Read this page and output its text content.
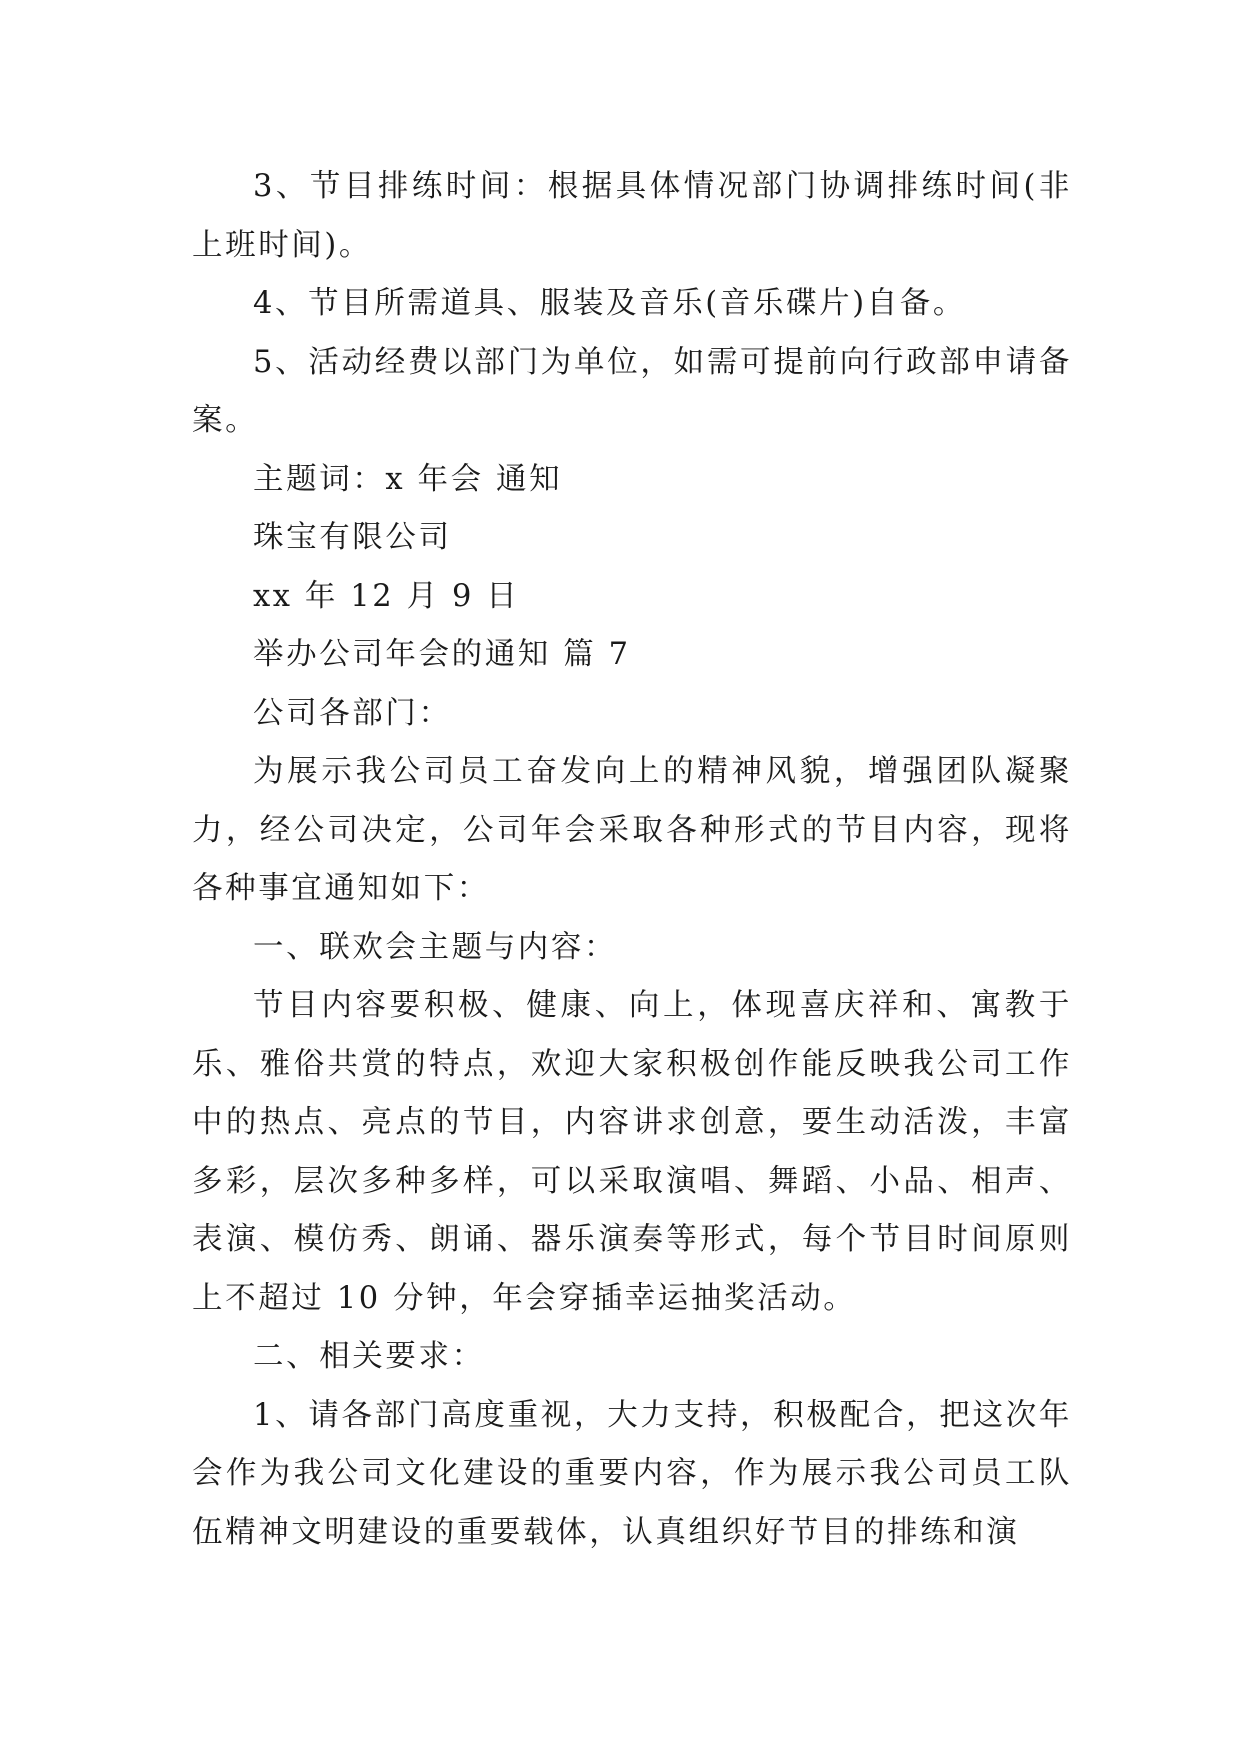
3、节目排练时间：根据具体情况部门协调排练时间(非上班时间)。

4、节目所需道具、服装及音乐(音乐碟片)自备。

5、活动经费以部门为单位，如需可提前向行政部申请备案。

主题词：x 年会 通知

珠宝有限公司

xx 年 12 月 9 日

举办公司年会的通知 篇 7

公司各部门：

为展示我公司员工奋发向上的精神风貌，增强团队凝聚力，经公司决定，公司年会采取各种形式的节目内容，现将各种事宜通知如下：

一、联欢会主题与内容：

节目内容要积极、健康、向上，体现喜庆祥和、寓教于乐、雅俗共赏的特点，欢迎大家积极创作能反映我公司工作中的热点、亮点的节目，内容讲求创意，要生动活泼，丰富多彩，层次多种多样，可以采取演唱、舞蹈、小品、相声、表演、模仿秀、朗诵、器乐演奏等形式，每个节目时间原则上不超过 10 分钟，年会穿插幸运抽奖活动。

二、相关要求：

1、请各部门高度重视，大力支持，积极配合，把这次年会作为我公司文化建设的重要内容，作为展示我公司员工队伍精神文明建设的重要载体，认真组织好节目的排练和演
